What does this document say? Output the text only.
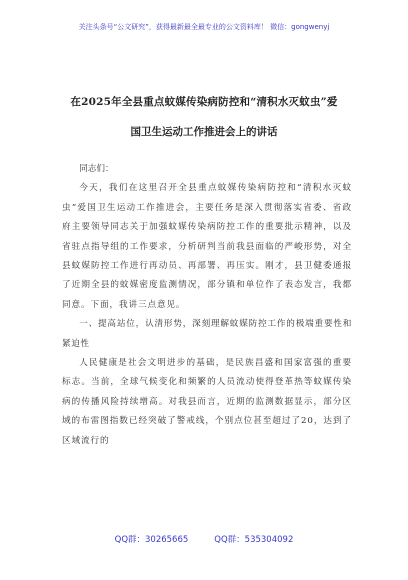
关注头条号“公文研究”，获得最新最全最专业的公文资料库！ 微信：gongwenyj
在2025年全县重点蚊媒传染病防控和“清积水灭蚊虫”爱
国卫生运动工作推进会上的讲话

同志们：

今天，我们在这里召开全县重点蚊媒传染病防控和“清积水灭蚊虫”爱国卫生运动工作推进会，主要任务是深入贯彻落实省委、省政府主要领导同志关于加强蚊媒传染病防控工作的重要批示精神，以及省驻点指导组的工作要求，分析研判当前我县面临的严峻形势，对全县蚊媒防控工作进行再动员、再部署、再压实。刚才，县卫健委通报了近期全县的蚊媒密度监测情况，部分镇和单位作了表态发言，我都同意。下面，我讲三点意见。

一、提高站位，认清形势，深刻理解蚊媒防控工作的极端重要性和紧迫性

人民健康是社会文明进步的基础，是民族昌盛和国家富强的重要标志。当前，全球气候变化和频繁的人员流动使得登革热等蚊媒传染病的传播风险持续增高。对我县而言，近期的监测数据显示，部分区域的布雷图指数已经突破了警戒线，个别点位甚至超过了20，达到了区域流行的

QQ群：30265665	QQ群：535304092
